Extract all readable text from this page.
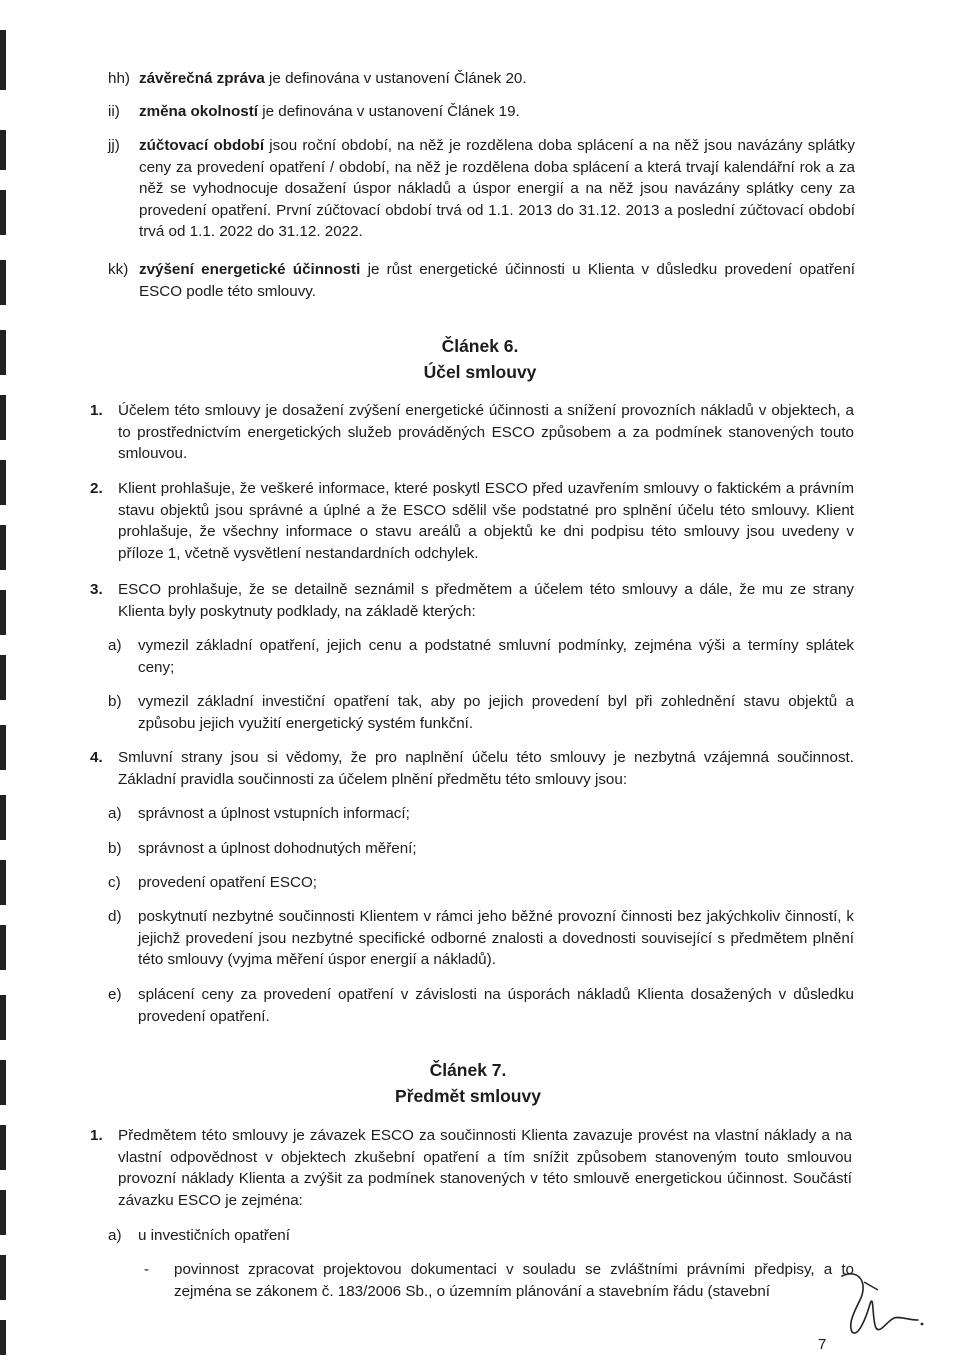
hh) závěrečná zpráva je definována v ustanovení Článek 20.
ii) změna okolností je definována v ustanovení Článek 19.
jj) zúčtovací období jsou roční období, na něž je rozdělena doba splácení a na něž jsou navázány splátky ceny za provedení opatření / období, na něž je rozdělena doba splácení a která trvají kalendářní rok a za něž se vyhodnocuje dosažení úspor nákladů a úspor energií a na něž jsou navázány splátky ceny za provedení opatření. První zúčtovací období trvá od 1.1. 2013 do 31.12. 2013 a poslední zúčtovací období trvá od 1.1. 2022 do 31.12. 2022.
kk) zvýšení energetické účinnosti je růst energetické účinnosti u Klienta v důsledku provedení opatření ESCO podle této smlouvy.
Článek 6.
Účel smlouvy
1. Účelem této smlouvy je dosažení zvýšení energetické účinnosti a snížení provozních nákladů v objektech, a to prostřednictvím energetických služeb prováděných ESCO způsobem a za podmínek stanovených touto smlouvou.
2. Klient prohlašuje, že veškeré informace, které poskytl ESCO před uzavřením smlouvy o faktickém a právním stavu objektů jsou správné a úplné a že ESCO sdělil vše podstatné pro splnění účelu této smlouvy. Klient prohlašuje, že všechny informace o stavu areálů a objektů ke dni podpisu této smlouvy jsou uvedeny v příloze 1, včetně vysvětlení nestandardních odchylek.
3. ESCO prohlašuje, že se detailně seznámil s předmětem a účelem této smlouvy a dále, že mu ze strany Klienta byly poskytnuty podklady, na základě kterých:
a) vymezil základní opatření, jejich cenu a podstatné smluvní podmínky, zejména výši a termíny splátek ceny;
b) vymezil základní investiční opatření tak, aby po jejich provedení byl při zohlednění stavu objektů a způsobu jejich využití energetický systém funkční.
4. Smluvní strany jsou si vědomy, že pro naplnění účelu této smlouvy je nezbytná vzájemná součinnost. Základní pravidla součinnosti za účelem plnění předmětu této smlouvy jsou:
a) správnost a úplnost vstupních informací;
b) správnost a úplnost dohodnutých měření;
c) provedení opatření ESCO;
d) poskytnutí nezbytné součinnosti Klientem v rámci jeho běžné provozní činnosti bez jakýchkoliv činností, k jejichž provedení jsou nezbytné specifické odborné znalosti a dovednosti související s předmětem plnění této smlouvy (vyjma měření úspor energií a nákladů).
e) splácení ceny za provedení opatření v závislosti na úsporách nákladů Klienta dosažených v důsledku provedení opatření.
Článek 7.
Předmět smlouvy
1. Předmětem této smlouvy je závazek ESCO za součinnosti Klienta zavazuje provést na vlastní náklady a na vlastní odpovědnost v objektech zkušební opatření a tím snížit způsobem stanoveným touto smlouvou provozní náklady Klienta a zvýšit za podmínek stanovených v této smlouvě energetickou účinnost. Součástí závazku ESCO je zejména:
a) u investičních opatření
- povinnost zpracovat projektovou dokumentaci v souladu se zvláštními právními předpisy, a to zejména se zákonem č. 183/2006 Sb., o územním plánování a stavebním řádu (stavební
7
